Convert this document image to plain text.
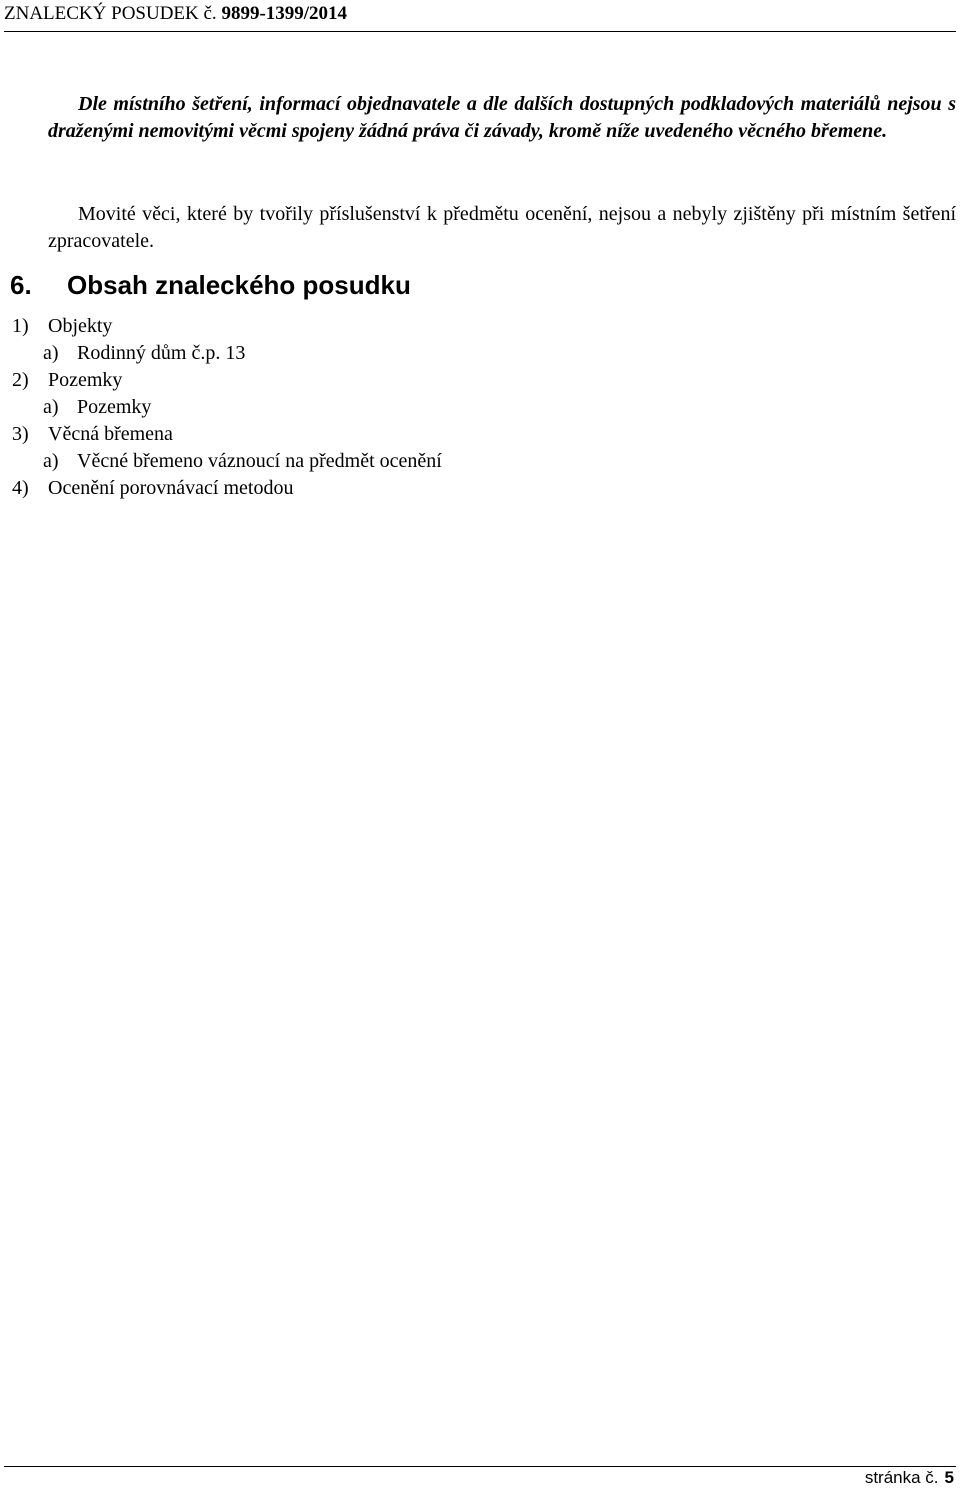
ZNALECKÝ POSUDEK č. 9899-1399/2014

Dle místního šetření, informací objednavatele a dle dalších dostupných podkladových materiálů nejsou s draženými nemovitými věcmi spojeny žádná práva či závady, kromě níže uvedeného věcného břemene.

Movité věci, které by tvořily příslušenství k předmětu ocenění, nejsou a nebyly zjištěny při místním šetření zpracovatele.

6. Obsah znaleckého posudku
1) Objekty
a) Rodinný dům č.p. 13
2) Pozemky
a) Pozemky
3) Věcná břemena
a) Věcné břemeno váznoucí na předmět ocenění
4) Ocenění porovnávací metodou
stránka č. 5
